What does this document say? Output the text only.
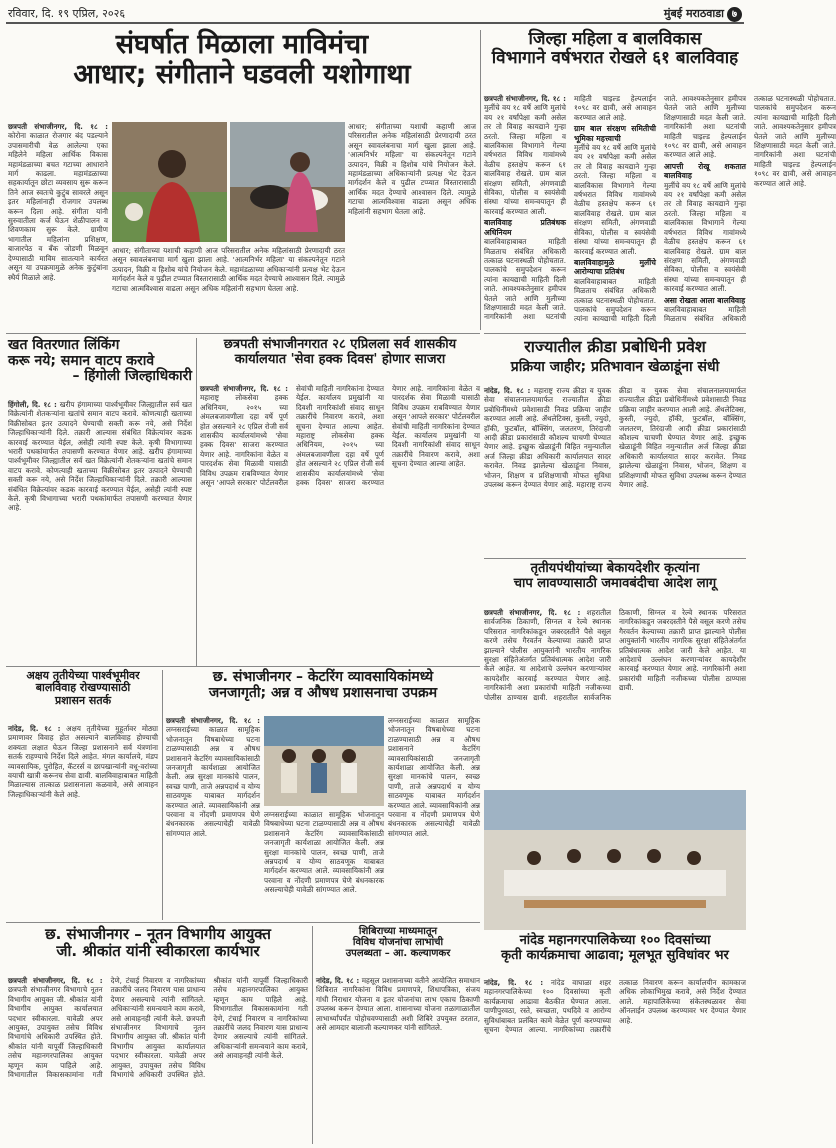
रविवार, दि. १९ एप्रिल, २०२६	मुंबई मराठवाडा ७
संघर्षात मिळाला माविमंचा
आधार; संगीताने घडवली यशोगाथा
छत्रपती संभाजीनगर, दि. १८ : कोरोना काळात रोजगार बंद पडल्याने उपासमारीची वेळ आलेल्या एका महिलेने महिला आर्थिक विकास महामंडळाच्या बचत गटाच्या आधाराने मार्ग काढला. महामंडळाच्या सहकार्यातून छोटा व्यवसाय सुरू करून तिने आज स्वतःचे कुटुंब सावरले असून इतर महिलांनाही रोजगार उपलब्ध करून दिला आहे. संगीता यांनी सुरुवातीला कर्ज घेऊन शेळीपालन व शिवणकाम सुरू केले. ग्रामीण भागातील महिलांना प्रशिक्षण, बाजारपेठ व बँक जोडणी मिळवून देण्यासाठी माविम सातत्याने कार्यरत असून या उपक्रमामुळे अनेक कुटुंबांना स्थैर्य मिळाले आहे.
आधार; संगीताच्या यशाची कहाणी आज परिसरातील अनेक महिलांसाठी प्रेरणादायी ठरत असून स्वावलंबनाचा मार्ग खुला झाला आहे. 'आत्मनिर्भर महिला' या संकल्पनेतून गटाने उत्पादन, विक्री व हिशोब यांचे नियोजन केले. महामंडळाच्या अधिकाऱ्यांनी प्रत्यक्ष भेट देऊन मार्गदर्शन केले व पुढील टप्प्यात विस्तारासाठी आर्थिक मदत देण्याचे आश्वासन दिले. त्यामुळे गटाचा आत्मविश्वास वाढला असून अधिक महिलांनी सहभाग घेतला आहे.
आधार; संगीताच्या यशाची कहाणी आज परिसरातील अनेक महिलांसाठी प्रेरणादायी ठरत असून स्वावलंबनाचा मार्ग खुला झाला आहे. 'आत्मनिर्भर महिला' या संकल्पनेतून गटाने उत्पादन, विक्री व हिशोब यांचे नियोजन केले. महामंडळाच्या अधिकाऱ्यांनी प्रत्यक्ष भेट देऊन मार्गदर्शन केले व पुढील टप्प्यात विस्तारासाठी आर्थिक मदत देण्याचे आश्वासन दिले. त्यामुळे गटाचा आत्मविश्वास वाढला असून अधिक महिलांनी सहभाग घेतला आहे.
जिल्हा महिला व बालविकास
विभागाने वर्षभरात रोखले ६१ बालविवाह
छत्रपती संभाजीनगर, दि. १८ : मुलींचे वय १८ वर्षे आणि मुलांचे वय २१ वर्षांपेक्षा कमी असेल तर तो विवाह कायद्याने गुन्हा ठरतो. जिल्हा महिला व बालविकास विभागाने गेल्या वर्षभरात विविध गावांमध्ये वेळीच हस्तक्षेप करून ६१ बालविवाह रोखले. ग्राम बाल संरक्षण समिती, अंगणवाडी सेविका, पोलीस व स्वयंसेवी संस्था यांच्या समन्वयातून ही कारवाई करण्यात आली.
बालविवाह प्रतिबंधक अधिनियम
बालविवाहाबाबत माहिती मिळताच संबंधित अधिकारी तत्काळ घटनास्थळी पोहोचतात. पालकांचे समुपदेशन करून त्यांना कायद्याची माहिती दिली जाते. आवश्यकतेनुसार हमीपत्र घेतले जाते आणि मुलीच्या शिक्षणासाठी मदत केली जाते. नागरिकांनी अशा घटनांची माहिती चाइल्ड हेल्पलाईन १०९८ वर द्यावी, असे आवाहन करण्यात आले आहे.
ग्राम बाल संरक्षण समितीची भूमिका महत्त्वाची
मुलींचे वय १८ वर्षे आणि मुलांचे वय २१ वर्षांपेक्षा कमी असेल तर तो विवाह कायद्याने गुन्हा ठरतो. जिल्हा महिला व बालविकास विभागाने गेल्या वर्षभरात विविध गावांमध्ये वेळीच हस्तक्षेप करून ६१ बालविवाह रोखले. ग्राम बाल संरक्षण समिती, अंगणवाडी सेविका, पोलीस व स्वयंसेवी संस्था यांच्या समन्वयातून ही कारवाई करण्यात आली.
बालविवाहामुळे मुलींचे आरोग्याचा प्रतिबंध
बालविवाहाबाबत माहिती मिळताच संबंधित अधिकारी तत्काळ घटनास्थळी पोहोचतात. पालकांचे समुपदेशन करून त्यांना कायद्याची माहिती दिली जाते. आवश्यकतेनुसार हमीपत्र घेतले जाते आणि मुलीच्या शिक्षणासाठी मदत केली जाते. नागरिकांनी अशा घटनांची माहिती चाइल्ड हेल्पलाईन १०९८ वर द्यावी, असे आवाहन करण्यात आले आहे.
आपत्ती रोखू शकतात बालविवाह
मुलींचे वय १८ वर्षे आणि मुलांचे वय २१ वर्षांपेक्षा कमी असेल तर तो विवाह कायद्याने गुन्हा ठरतो. जिल्हा महिला व बालविकास विभागाने गेल्या वर्षभरात विविध गावांमध्ये वेळीच हस्तक्षेप करून ६१ बालविवाह रोखले. ग्राम बाल संरक्षण समिती, अंगणवाडी सेविका, पोलीस व स्वयंसेवी संस्था यांच्या समन्वयातून ही कारवाई करण्यात आली.
असा रोखता आला बालविवाह
बालविवाहाबाबत माहिती मिळताच संबंधित अधिकारी तत्काळ घटनास्थळी पोहोचतात. पालकांचे समुपदेशन करून त्यांना कायद्याची माहिती दिली जाते. आवश्यकतेनुसार हमीपत्र घेतले जाते आणि मुलीच्या शिक्षणासाठी मदत केली जाते. नागरिकांनी अशा घटनांची माहिती चाइल्ड हेल्पलाईन १०९८ वर द्यावी, असे आवाहन करण्यात आले आहे.
खत वितरणात लिंकिंग
करू नये; समान वाटप करावे
– हिंगोली जिल्हाधिकारी
हिंगोली, दि. १८ : खरीप हंगामाच्या पार्श्वभूमीवर जिल्ह्यातील सर्व खत विक्रेत्यांनी शेतकऱ्यांना खतांचे समान वाटप करावे. कोणत्याही खताच्या विक्रीसोबत इतर उत्पादने घेण्याची सक्ती करू नये, असे निर्देश जिल्हाधिकाऱ्यांनी दिले. तक्रारी आल्यास संबंधित विक्रेत्यांवर कडक कारवाई करण्यात येईल, असेही त्यांनी स्पष्ट केले. कृषी विभागाच्या भरारी पथकांमार्फत तपासणी करण्यात येणार आहे. खरीप हंगामाच्या पार्श्वभूमीवर जिल्ह्यातील सर्व खत विक्रेत्यांनी शेतकऱ्यांना खतांचे समान वाटप करावे. कोणत्याही खताच्या विक्रीसोबत इतर उत्पादने घेण्याची सक्ती करू नये, असे निर्देश जिल्हाधिकाऱ्यांनी दिले. तक्रारी आल्यास संबंधित विक्रेत्यांवर कडक कारवाई करण्यात येईल, असेही त्यांनी स्पष्ट केले. कृषी विभागाच्या भरारी पथकांमार्फत तपासणी करण्यात येणार आहे.
छत्रपती संभाजीनगरात २८ एप्रिलला सर्व शासकीय
कार्यालयात 'सेवा हक्क दिवस' होणार साजरा
छत्रपती संभाजीनगर, दि. १८ : महाराष्ट्र लोकसेवा हक्क अधिनियम, २०१५ च्या अंमलबजावणीला दहा वर्षे पूर्ण होत असल्याने २८ एप्रिल रोजी सर्व शासकीय कार्यालयांमध्ये 'सेवा हक्क दिवस' साजरा करण्यात येणार आहे. नागरिकांना वेळेत व पारदर्शक सेवा मिळावी यासाठी विविध उपक्रम राबविण्यात येणार असून 'आपले सरकार' पोर्टलवरील सेवांची माहिती नागरिकांना देण्यात येईल. कार्यालय प्रमुखांनी या दिवशी नागरिकांशी संवाद साधून तक्रारींचे निवारण करावे, अशा सूचना देण्यात आल्या आहेत. महाराष्ट्र लोकसेवा हक्क अधिनियम, २०१५ च्या अंमलबजावणीला दहा वर्षे पूर्ण होत असल्याने २८ एप्रिल रोजी सर्व शासकीय कार्यालयांमध्ये 'सेवा हक्क दिवस' साजरा करण्यात येणार आहे. नागरिकांना वेळेत व पारदर्शक सेवा मिळावी यासाठी विविध उपक्रम राबविण्यात येणार असून 'आपले सरकार' पोर्टलवरील सेवांची माहिती नागरिकांना देण्यात येईल. कार्यालय प्रमुखांनी या दिवशी नागरिकांशी संवाद साधून तक्रारींचे निवारण करावे, अशा सूचना देण्यात आल्या आहेत.
राज्यातील क्रीडा प्रबोधिनी प्रवेश
प्रक्रिया जाहीर; प्रतिभावान खेळाडूंना संधी
नांदेड, दि. १८ : महाराष्ट्र राज्य क्रीडा व युवक सेवा संचालनालयामार्फत राज्यातील क्रीडा प्रबोधिनींमध्ये प्रवेशासाठी निवड प्रक्रिया जाहीर करण्यात आली आहे. ॲथलेटिक्स, कुस्ती, ज्युदो, हॉकी, फुटबॉल, बॉक्सिंग, जलतरण, तिरंदाजी आदी क्रीडा प्रकारांसाठी कौशल्य चाचणी घेण्यात येणार आहे. इच्छुक खेळाडूंनी विहित नमुन्यातील अर्ज जिल्हा क्रीडा अधिकारी कार्यालयात सादर करावेत. निवड झालेल्या खेळाडूंना निवास, भोजन, शिक्षण व प्रशिक्षणाची मोफत सुविधा उपलब्ध करून देण्यात येणार आहे. महाराष्ट्र राज्य क्रीडा व युवक सेवा संचालनालयामार्फत राज्यातील क्रीडा प्रबोधिनींमध्ये प्रवेशासाठी निवड प्रक्रिया जाहीर करण्यात आली आहे. ॲथलेटिक्स, कुस्ती, ज्युदो, हॉकी, फुटबॉल, बॉक्सिंग, जलतरण, तिरंदाजी आदी क्रीडा प्रकारांसाठी कौशल्य चाचणी घेण्यात येणार आहे. इच्छुक खेळाडूंनी विहित नमुन्यातील अर्ज जिल्हा क्रीडा अधिकारी कार्यालयात सादर करावेत. निवड झालेल्या खेळाडूंना निवास, भोजन, शिक्षण व प्रशिक्षणाची मोफत सुविधा उपलब्ध करून देण्यात येणार आहे.
तृतीयपंथीयांच्या बेकायदेशीर कृत्यांना
चाप लावण्यासाठी जमावबंदीचा आदेश लागू
छत्रपती संभाजीनगर, दि. १८ : शहरातील सार्वजनिक ठिकाणी, सिग्नल व रेल्वे स्थानक परिसरात नागरिकांकडून जबरदस्तीने पैसे वसूल करणे तसेच गैरवर्तन केल्याच्या तक्रारी प्राप्त झाल्याने पोलीस आयुक्तांनी भारतीय नागरिक सुरक्षा संहितेअंतर्गत प्रतिबंधात्मक आदेश जारी केले आहेत. या आदेशाचे उल्लंघन करणाऱ्यांवर कायदेशीर कारवाई करण्यात येणार आहे. नागरिकांनी अशा प्रकारांची माहिती नजीकच्या पोलीस ठाण्यास द्यावी. शहरातील सार्वजनिक ठिकाणी, सिग्नल व रेल्वे स्थानक परिसरात नागरिकांकडून जबरदस्तीने पैसे वसूल करणे तसेच गैरवर्तन केल्याच्या तक्रारी प्राप्त झाल्याने पोलीस आयुक्तांनी भारतीय नागरिक सुरक्षा संहितेअंतर्गत प्रतिबंधात्मक आदेश जारी केले आहेत. या आदेशाचे उल्लंघन करणाऱ्यांवर कायदेशीर कारवाई करण्यात येणार आहे. नागरिकांनी अशा प्रकारांची माहिती नजीकच्या पोलीस ठाण्यास द्यावी.
अक्षय तृतीयेच्या पार्श्वभूमीवर
बालविवाह रोखण्यासाठी
प्रशासन सतर्क
नांदेड, दि. १८ : अक्षय तृतीयेच्या मुहूर्तावर मोठ्या प्रमाणावर विवाह होत असल्याने बालविवाह होण्याची शक्यता लक्षात घेऊन जिल्हा प्रशासनाने सर्व यंत्रणांना सतर्क राहण्याचे निर्देश दिले आहेत. मंगल कार्यालये, मंडप व्यावसायिक, पुरोहित, कॅटरर्स व छापखान्यांनी वधू-वरांच्या वयाची खात्री करूनच सेवा द्यावी. बालविवाहाबाबत माहिती मिळाल्यास तात्काळ प्रशासनाला कळवावे, असे आवाहन जिल्हाधिकाऱ्यांनी केले आहे.
छ. संभाजीनगर – केटरिंग व्यावसायिकांमध्ये
जनजागृती; अन्न व औषध प्रशासनाचा उपक्रम
छत्रपती संभाजीनगर, दि. १८ : लग्नसराईच्या काळात सामूहिक भोजनातून विषबाधेच्या घटना टाळण्यासाठी अन्न व औषध प्रशासनाने केटरिंग व्यावसायिकांसाठी जनजागृती कार्यशाळा आयोजित केली. अन्न सुरक्षा मानकांचे पालन, स्वच्छ पाणी, ताजे अन्नपदार्थ व योग्य साठवणूक याबाबत मार्गदर्शन करण्यात आले. व्यावसायिकांनी अन्न परवाना व नोंदणी प्रमाणपत्र घेणे बंधनकारक असल्याचेही यावेळी सांगण्यात आले.
लग्नसराईच्या काळात सामूहिक भोजनातून विषबाधेच्या घटना टाळण्यासाठी अन्न व औषध प्रशासनाने केटरिंग व्यावसायिकांसाठी जनजागृती कार्यशाळा आयोजित केली. अन्न सुरक्षा मानकांचे पालन, स्वच्छ पाणी, ताजे अन्नपदार्थ व योग्य साठवणूक याबाबत मार्गदर्शन करण्यात आले. व्यावसायिकांनी अन्न परवाना व नोंदणी प्रमाणपत्र घेणे बंधनकारक असल्याचेही यावेळी सांगण्यात आले.
लग्नसराईच्या काळात सामूहिक भोजनातून विषबाधेच्या घटना टाळण्यासाठी अन्न व औषध प्रशासनाने केटरिंग व्यावसायिकांसाठी जनजागृती कार्यशाळा आयोजित केली. अन्न सुरक्षा मानकांचे पालन, स्वच्छ पाणी, ताजे अन्नपदार्थ व योग्य साठवणूक याबाबत मार्गदर्शन करण्यात आले. व्यावसायिकांनी अन्न परवाना व नोंदणी प्रमाणपत्र घेणे बंधनकारक असल्याचेही यावेळी सांगण्यात आले.
छ. संभाजीनगर – नूतन विभागीय आयुक्त
जी. श्रीकांत यांनी स्वीकारला कार्यभार
छत्रपती संभाजीनगर, दि. १८ : छत्रपती संभाजीनगर विभागाचे नूतन विभागीय आयुक्त जी. श्रीकांत यांनी विभागीय आयुक्त कार्यालयात पदभार स्वीकारला. यावेळी अपर आयुक्त, उपायुक्त तसेच विविध विभागांचे अधिकारी उपस्थित होते. श्रीकांत यांनी यापूर्वी जिल्हाधिकारी तसेच महानगरपालिका आयुक्त म्हणून काम पाहिले आहे. विभागातील विकासकामांना गती देणे, टंचाई निवारण व नागरिकांच्या तक्रारींचे जलद निवारण यास प्राधान्य देणार असल्याचे त्यांनी सांगितले. अधिकाऱ्यांनी समन्वयाने काम करावे, असे आवाहनही त्यांनी केले. छत्रपती संभाजीनगर विभागाचे नूतन विभागीय आयुक्त जी. श्रीकांत यांनी विभागीय आयुक्त कार्यालयात पदभार स्वीकारला. यावेळी अपर आयुक्त, उपायुक्त तसेच विविध विभागांचे अधिकारी उपस्थित होते. श्रीकांत यांनी यापूर्वी जिल्हाधिकारी तसेच महानगरपालिका आयुक्त म्हणून काम पाहिले आहे. विभागातील विकासकामांना गती देणे, टंचाई निवारण व नागरिकांच्या तक्रारींचे जलद निवारण यास प्राधान्य देणार असल्याचे त्यांनी सांगितले. अधिकाऱ्यांनी समन्वयाने काम करावे, असे आवाहनही त्यांनी केले.
शिबिराच्या माध्यमातून
विविध योजनांचा लाभांची
उपलब्धता – आ. कल्याणकर
नांदेड, दि. १८ : महसूल प्रशासनाच्या वतीने आयोजित समाधान शिबिरात नागरिकांना विविध प्रमाणपत्रे, शिधापत्रिका, संजय गांधी निराधार योजना व इतर योजनांचा लाभ एकाच ठिकाणी उपलब्ध करून देण्यात आला. शासनाच्या योजना तळागाळातील लाभार्थ्यांपर्यंत पोहोचवण्यासाठी अशी शिबिरे उपयुक्त ठरतात, असे आमदार बालाजी कल्याणकर यांनी सांगितले.
नांदेड महानगरपालिकेच्या १०० दिवसांच्या
कृती कार्यक्रमाचा आढावा; मूलभूत सुविधांवर भर
नांदेड, दि. १८ : नांदेड वाघाळा शहर महानगरपालिकेच्या १०० दिवसांच्या कृती कार्यक्रमाचा आढावा बैठकीत घेण्यात आला. पाणीपुरवठा, रस्ते, स्वच्छता, पथदिवे व आरोग्य सुविधांबाबत प्रलंबित कामे वेळेत पूर्ण करण्याच्या सूचना देण्यात आल्या. नागरिकांच्या तक्रारींचे तत्काळ निवारण करून कार्यालयीन कामकाज अधिक लोकाभिमुख करावे, असे निर्देश देण्यात आले. महापालिकेच्या संकेतस्थळावर सेवा ऑनलाईन उपलब्ध करण्यावर भर देण्यात येणार आहे.
